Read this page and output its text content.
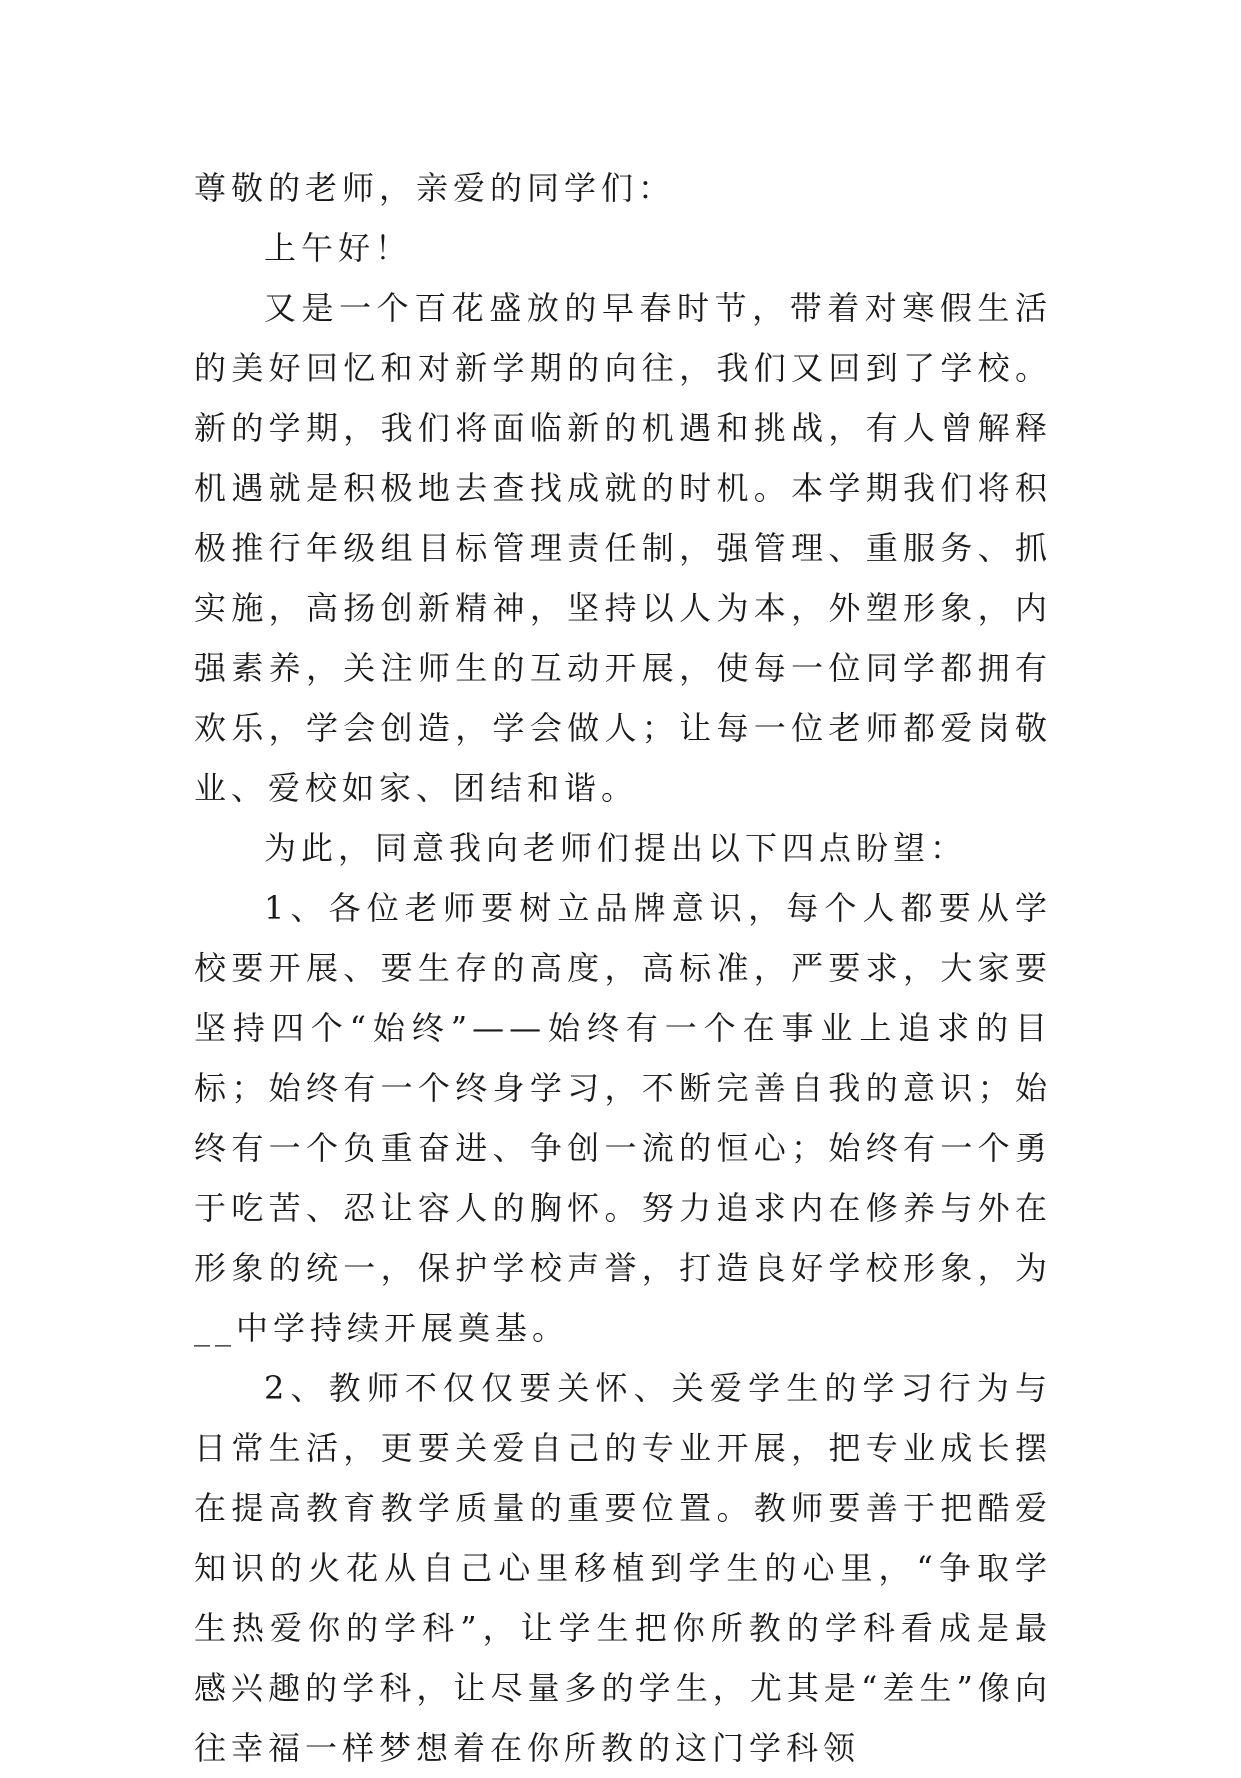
尊敬的老师，亲爱的同学们：

上午好！

又是一个百花盛放的早春时节，带着对寒假生活的美好回忆和对新学期的向往，我们又回到了学校。新的学期，我们将面临新的机遇和挑战，有人曾解释机遇就是积极地去查找成就的时机。本学期我们将积极推行年级组目标管理责任制，强管理、重服务、抓实施，高扬创新精神，坚持以人为本，外塑形象，内强素养，关注师生的互动开展，使每一位同学都拥有欢乐，学会创造，学会做人；让每一位老师都爱岗敬业、爱校如家、团结和谐。

为此，同意我向老师们提出以下四点盼望：

1、各位老师要树立品牌意识，每个人都要从学校要开展、要生存的高度，高标准，严要求，大家要坚持四个“始终”——始终有一个在事业上追求的目标；始终有一个终身学习，不断完善自我的意识；始终有一个负重奋进、争创一流的恒心；始终有一个勇于吃苦、忍让容人的胸怀。努力追求内在修养与外在形象的统一，保护学校声誉，打造良好学校形象，为__中学持续开展奠基。

2、教师不仅仅要关怀、关爱学生的学习行为与日常生活，更要关爱自己的专业开展，把专业成长摆在提高教育教学质量的重要位置。教师要善于把酷爱知识的火花从自己心里移植到学生的心里，“争取学生热爱你的学科”，让学生把你所教的学科看成是最感兴趣的学科，让尽量多的学生，尤其是“差生”像向往幸福一样梦想着在你所教的这门学科领
